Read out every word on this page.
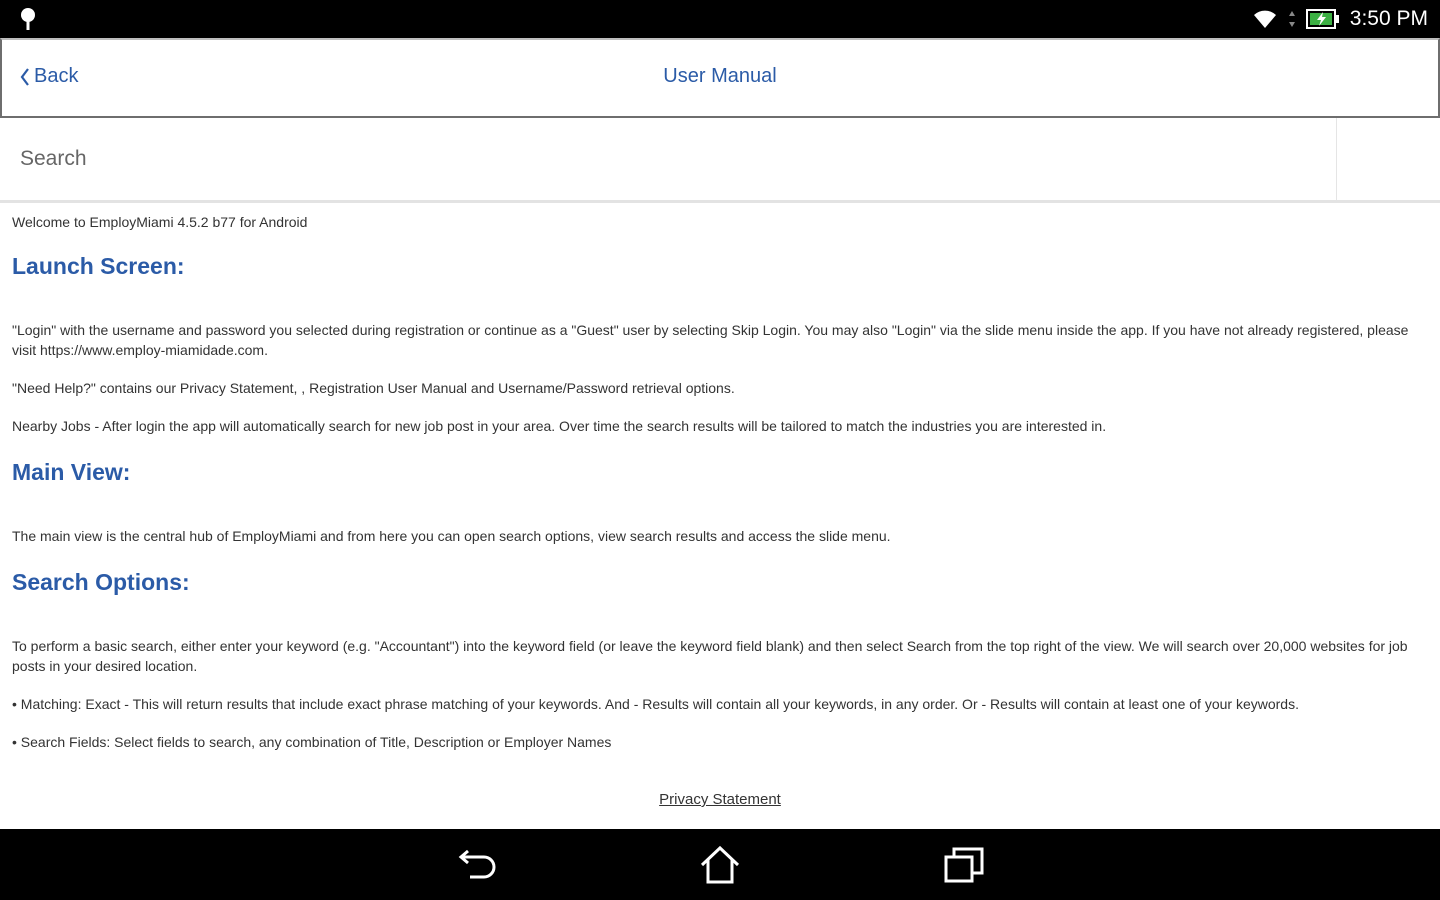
3:50 PM
Back	User Manual
Search
Welcome to EmployMiami 4.5.2 b77 for Android
Launch Screen:

"Login" with the username and password you selected during registration or continue as a "Guest" user by selecting Skip Login. You may also "Login" via the slide menu inside the app. If you have not already registered, please visit https://www.employ-miamidade.com.

"Need Help?" contains our Privacy Statement, , Registration User Manual and Username/Password retrieval options.

Nearby Jobs - After login the app will automatically search for new job post in your area. Over time the search results will be tailored to match the industries you are interested in.

Main View:

The main view is the central hub of EmployMiami and from here you can open search options, view search results and access the slide menu.

Search Options:

To perform a basic search, either enter your keyword (e.g. "Accountant") into the keyword field (or leave the keyword field blank) and then select Search from the top right of the view. We will search over 20,000 websites for job posts in your desired location.

• Matching: Exact - This will return results that include exact phrase matching of your keywords. And - Results will contain all your keywords, in any order. Or - Results will contain at least one of your keywords.

• Search Fields: Select fields to search, any combination of Title, Description or Employer Names

Privacy Statement
